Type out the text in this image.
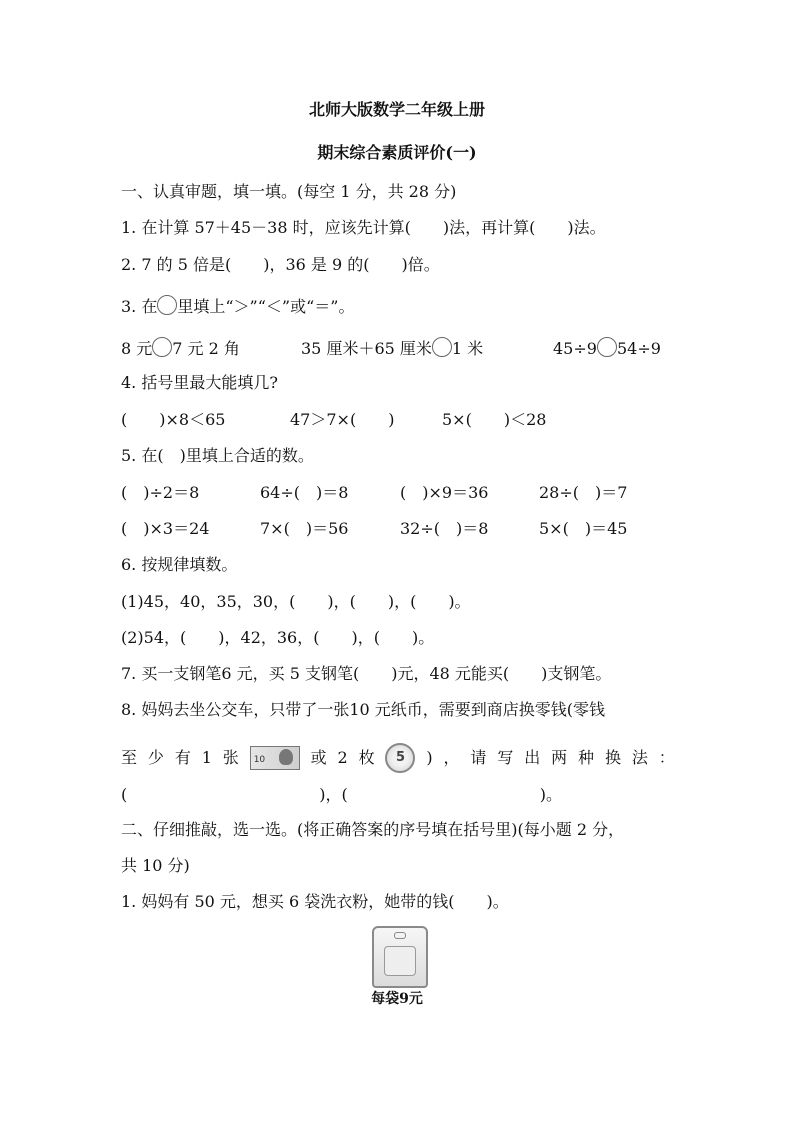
北师大版数学二年级上册
期末综合素质评价(一)
一、认真审题，填一填。(每空 1 分，共 28 分)
1. 在计算 57＋45－38 时，应该先计算(　　)法，再计算(　　)法。
2. 7 的 5 倍是(　　)，36 是 9 的(　　)倍。
3. 在 里填上“＞”“＜”或“＝”。
8 元 7 元 2 角	35 厘米＋65 厘米 1 米	45÷9 54÷9
4. 括号里最大能填几?
(　　)×8＜65	47＞7×(　　)	5×(　　)＜28
5. 在(　)里填上合适的数。
(　)÷2＝8	64÷(　)＝8	(　)×9＝36	28÷(　)＝7
(　)×3＝24	7×(　)＝56	32÷(　)＝8	5×(　)＝45
6. 按规律填数。
(1)45，40，35，30，(　　)，(　　)，(　　)。
(2)54，(　　)，42，36，(　　)，(　　)。
7. 买一支钢笔6 元，买 5 支钢笔(　　)元，48 元能买(　　)支钢笔。
8. 妈妈去坐公交车，只带了一张10 元纸币，需要到商店换零钱(零钱
至 少 有 1 张 10	或 2 枚	5	) ， 请 写 出 两 种 换 法 ：
(　　　　　　　　　　　　)，(　　　　　　　　　　　　)。
二、仔细推敲，选一选。(将正确答案的序号填在括号里)(每小题 2 分，
共 10 分)
1. 妈妈有 50 元，想买 6 袋洗衣粉，她带的钱(　　)。
每袋9元
